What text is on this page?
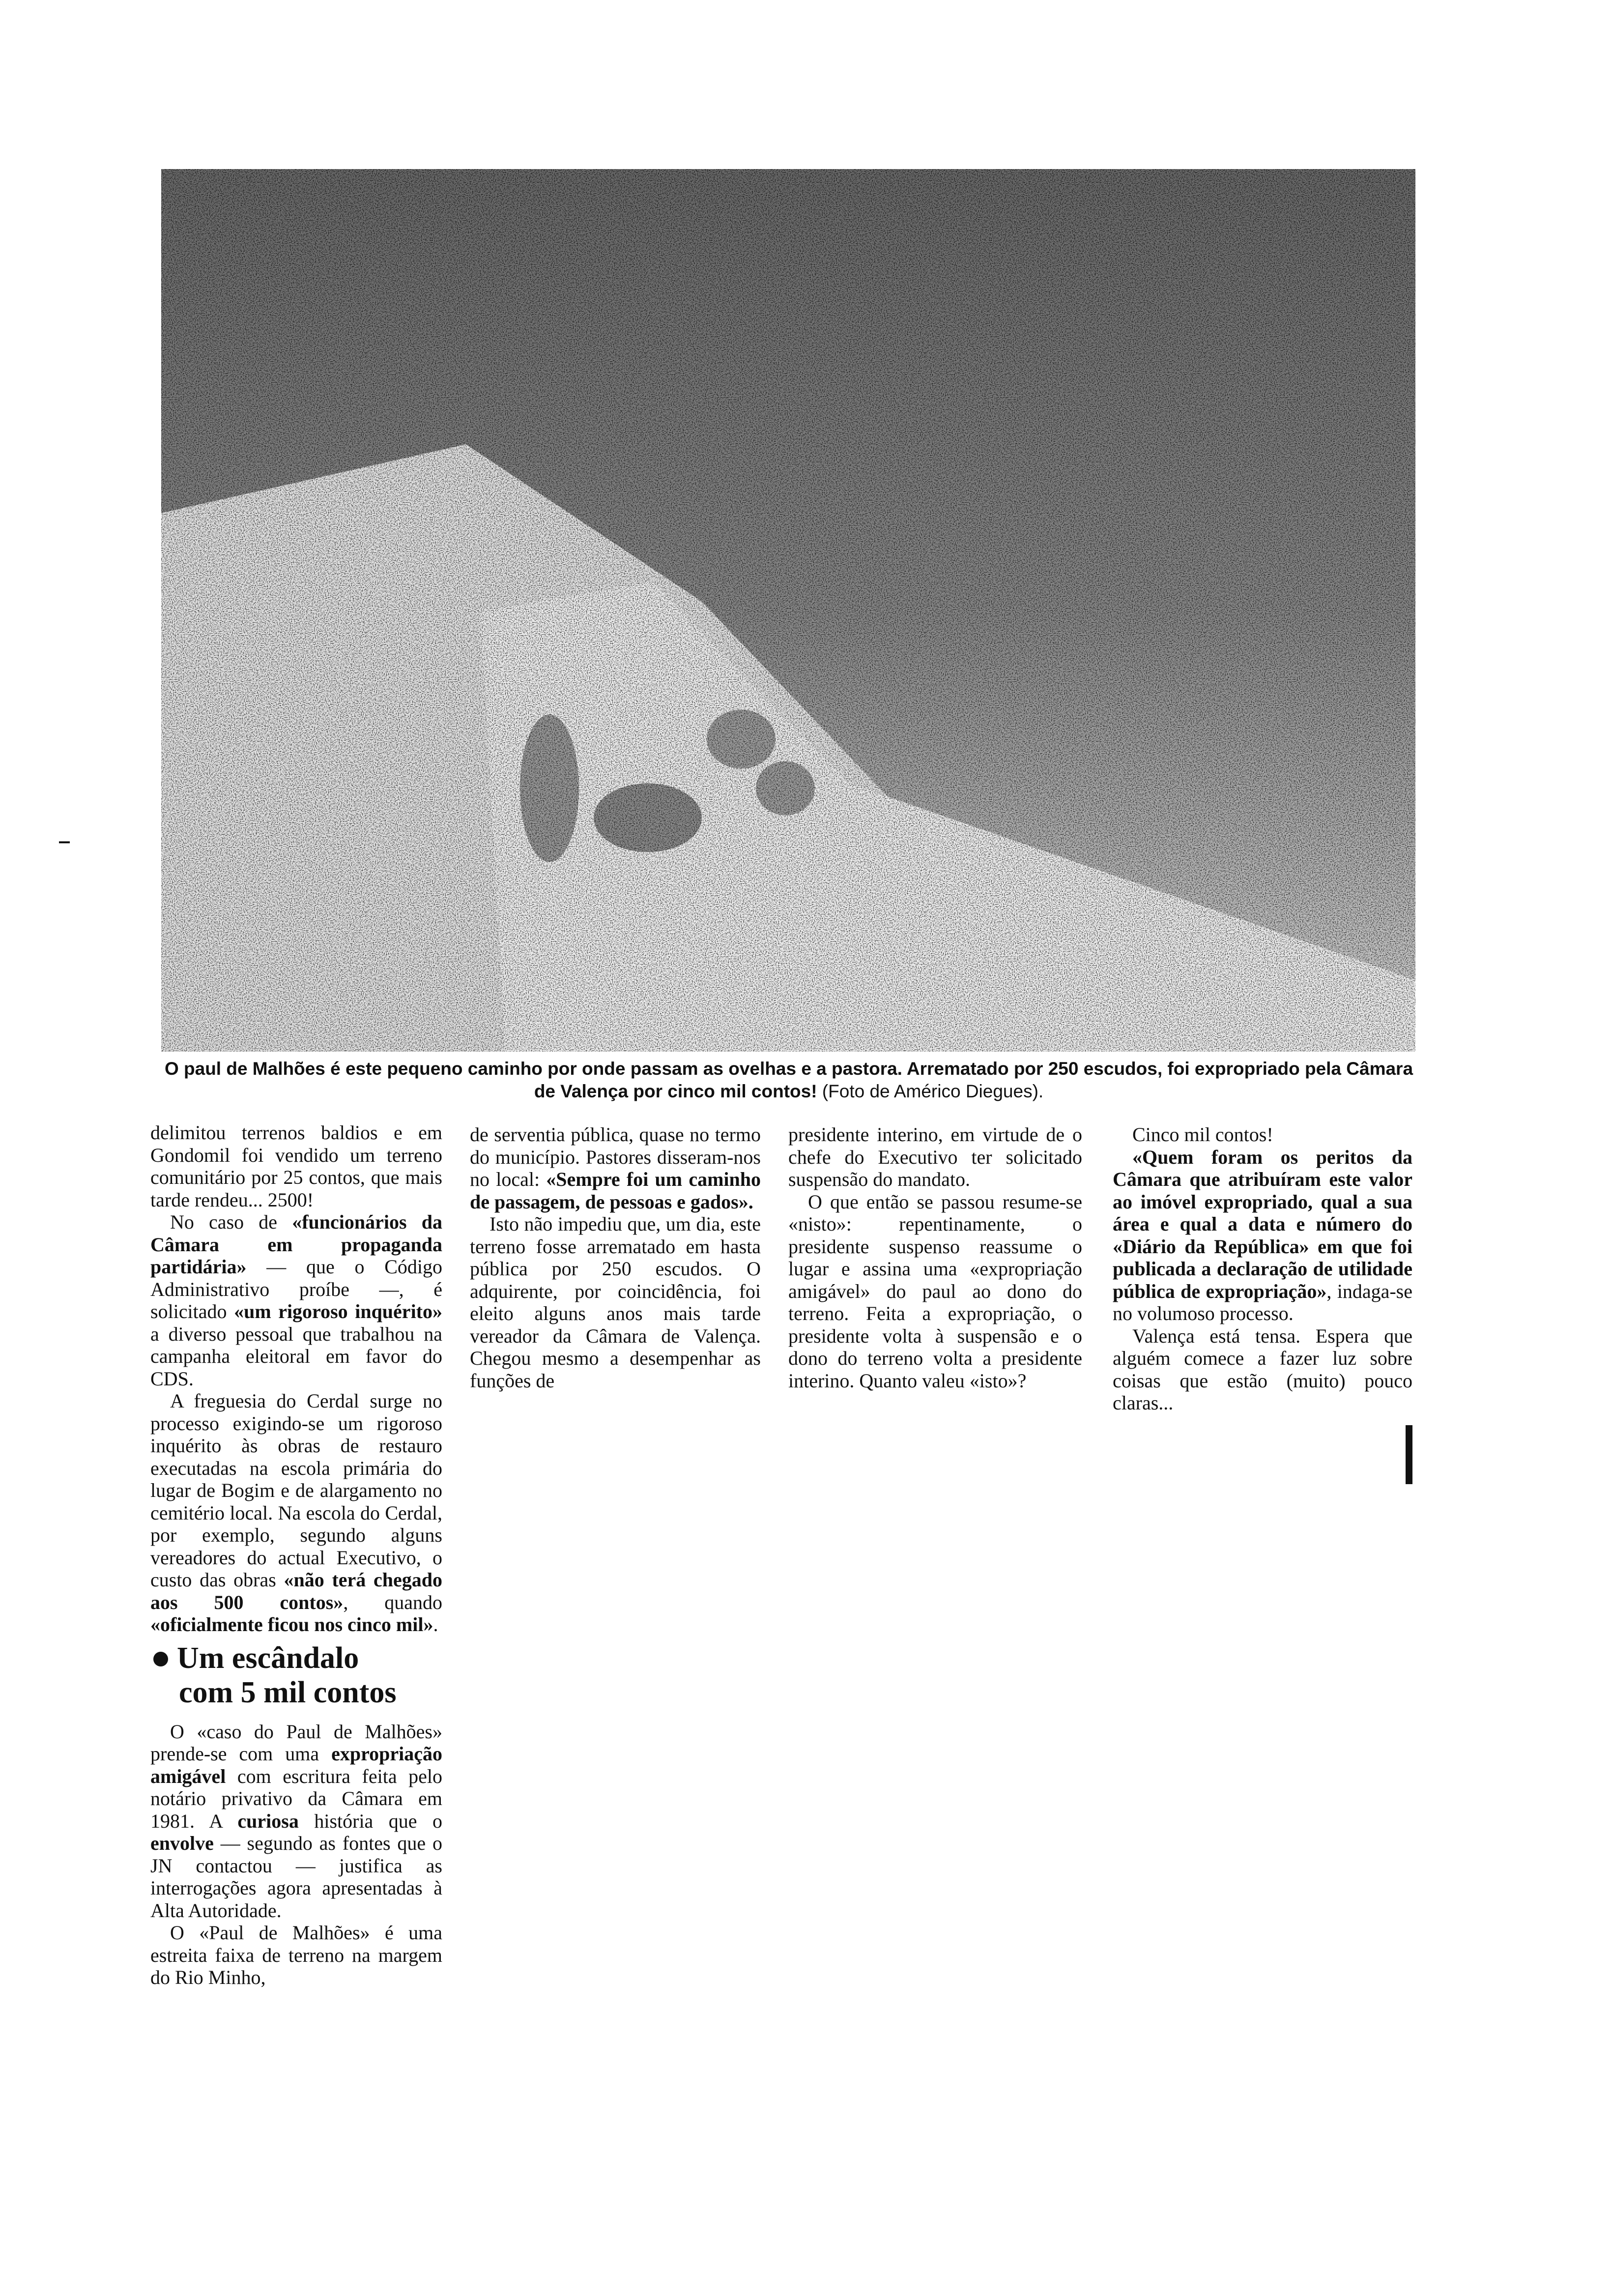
O paul de Malhões é este pequeno caminho por onde passam as ovelhas e a pastora. Arrematado por 250 escudos, foi expropriado pela Câmara de Valença por cinco mil contos! (Foto de Américo Diegues).

delimitou terrenos baldios e em Gondomil foi vendido um terreno comunitário por 25 contos, que mais tarde rendeu... 2500!

 No caso de «funcionários da Câmara em propaganda partidária» — que o Código Administrativo proíbe —, é solicitado «um rigoroso inquérito» a diverso pessoal que trabalhou na campanha eleitoral em favor do CDS.

 A freguesia do Cerdal surge no processo exigindo-se um rigoroso inquérito às obras de restauro executadas na escola primária do lugar de Bogim e de alargamento no cemitério local. Na escola do Cerdal, por exemplo, segundo alguns vereadores do actual Executivo, o custo das obras «não terá chegado aos 500 contos», quando «oficialmente ficou nos cinco mil».

Um escândalo
com 5 mil contos

 O «caso do Paul de Malhões» prende-se com uma expropriação amigável com escritura feita pelo notário privativo da Câmara em 1981. A curiosa história que o envolve — segundo as fontes que o JN contactou — justifica as interrogações agora apresentadas à Alta Autoridade.

 O «Paul de Malhões» é uma estreita faixa de terreno na margem do Rio Minho,

de serventia pública, quase no termo do município. Pastores disseram-nos no local: «Sempre foi um caminho de passagem, de pessoas e gados».

 Isto não impediu que, um dia, este terreno fosse arrematado em hasta pública por 250 escudos. O adquirente, por coincidência, foi eleito alguns anos mais tarde vereador da Câmara de Valença. Chegou mesmo a desempenhar as funções de

presidente interino, em virtude de o chefe do Executivo ter solicitado suspensão do mandato.

 O que então se passou resume-se «nisto»: repentinamente, o presidente suspenso reassume o lugar e assina uma «expropriação amigável» do paul ao dono do terreno. Feita a expropriação, o presidente volta à suspensão e o dono do terreno volta a presidente interino. Quanto valeu «isto»?

 Cinco mil contos!

 «Quem foram os peritos da Câmara que atribuíram este valor ao imóvel expropriado, qual a sua área e qual a data e número do «Diário da República» em que foi publicada a declaração de utilidade pública de expropriação», indaga-se no volumoso processo.

 Valença está tensa. Espera que alguém comece a fazer luz sobre coisas que estão (muito) pouco claras...
